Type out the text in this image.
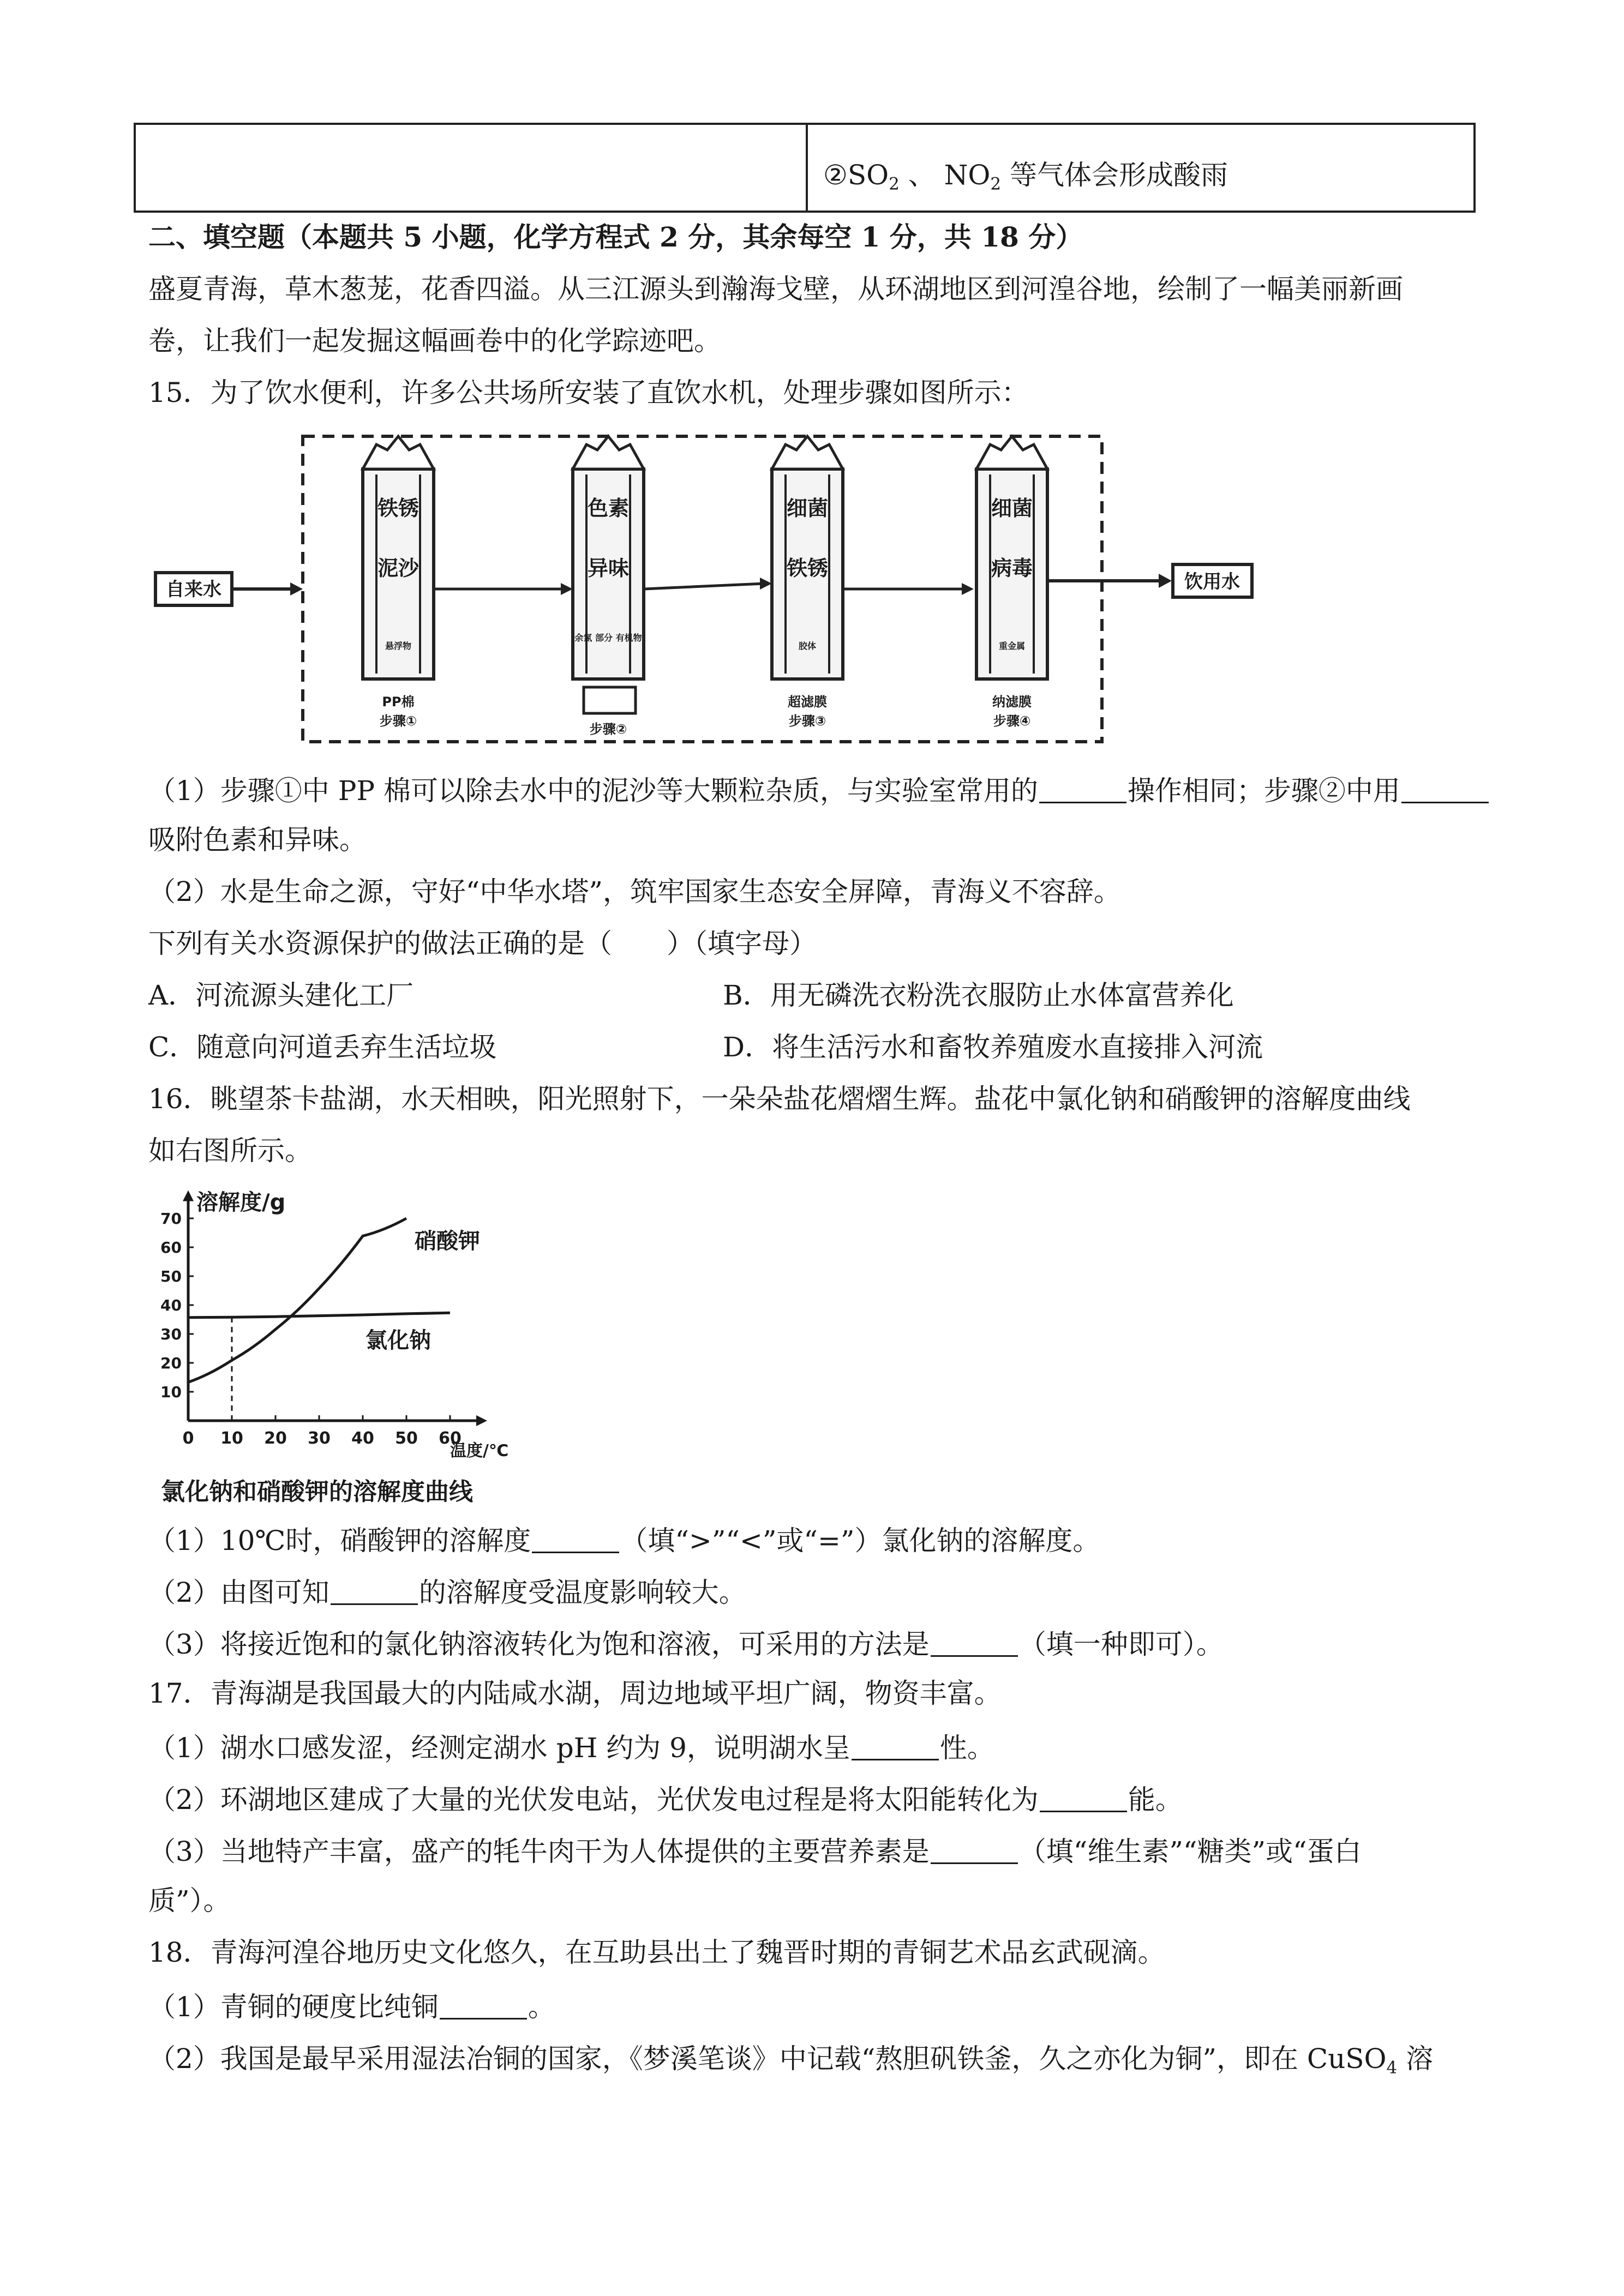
$②SO_2$ 、 $NO_2$ 等气体会形成酸雨
二、填空题（本题共 5 小题，化学方程式 2 分，其余每空 1 分，共 18 分）
盛夏青海，草木葱茏，花香四溢。从三江源头到瀚海戈壁，从环湖地区到河湟谷地，绘制了一幅美丽新画
卷，让我们一起发掘这幅画卷中的化学踪迹吧。
15．为了饮水便利，许多公共场所安装了直饮水机，处理步骤如图所示：
自来水
铁锈
泥沙
悬浮物
PP棉
步骤①
色素
异味
余氯 部分 有机物
步骤②
细菌
铁锈
胶体
超滤膜
步骤③
细菌
病毒
重金属
纳滤膜
步骤④
饮用水
（1）步骤①中 PP 棉可以除去水中的泥沙等大颗粒杂质，与实验室常用的	操作相同；步骤②中用
吸附色素和异味。
（2）水是生命之源，守好“中华水塔”，筑牢国家生态安全屏障，青海义不容辞。
下列有关水资源保护的做法正确的是（　　）（填字母）
A．河流源头建化工厂	B．用无磷洗衣粉洗衣服防止水体富营养化
C．随意向河道丢弃生活垃圾	D．将生活污水和畜牧养殖废水直接排入河流
16．眺望茶卡盐湖，水天相映，阳光照射下，一朵朵盐花熠熠生辉。盐花中氯化钠和硝酸钾的溶解度曲线
如右图所示。
溶解度/g
温度/℃
氯化钠和硝酸钾的溶解度曲线
0 10 20 30 40 50 60
10
20
30
40
50
60
70
硝酸钾
氯化钠
（1）10℃时，硝酸钾的溶解度	（填“>”“<”或“=”）氯化钠的溶解度。
（2）由图可知	的溶解度受温度影响较大。
（3）将接近饱和的氯化钠溶液转化为饱和溶液，可采用的方法是	（填一种即可）。
17．青海湖是我国最大的内陆咸水湖，周边地域平坦广阔，物资丰富。
（1）湖水口感发涩，经测定湖水 pH 约为 9，说明湖水呈	性。
（2）环湖地区建成了大量的光伏发电站，光伏发电过程是将太阳能转化为	能。
（3）当地特产丰富，盛产的牦牛肉干为人体提供的主要营养素是	（填“维生素”“糖类”或“蛋白
质”）。
18．青海河湟谷地历史文化悠久，在互助县出土了魏晋时期的青铜艺术品玄武砚滴。
（1）青铜的硬度比纯铜	。
（2）我国是最早采用湿法冶铜的国家，《梦溪笔谈》中记载“熬胆矾铁釜，久之亦化为铜”，即在 CuSO$_4$ 溶
